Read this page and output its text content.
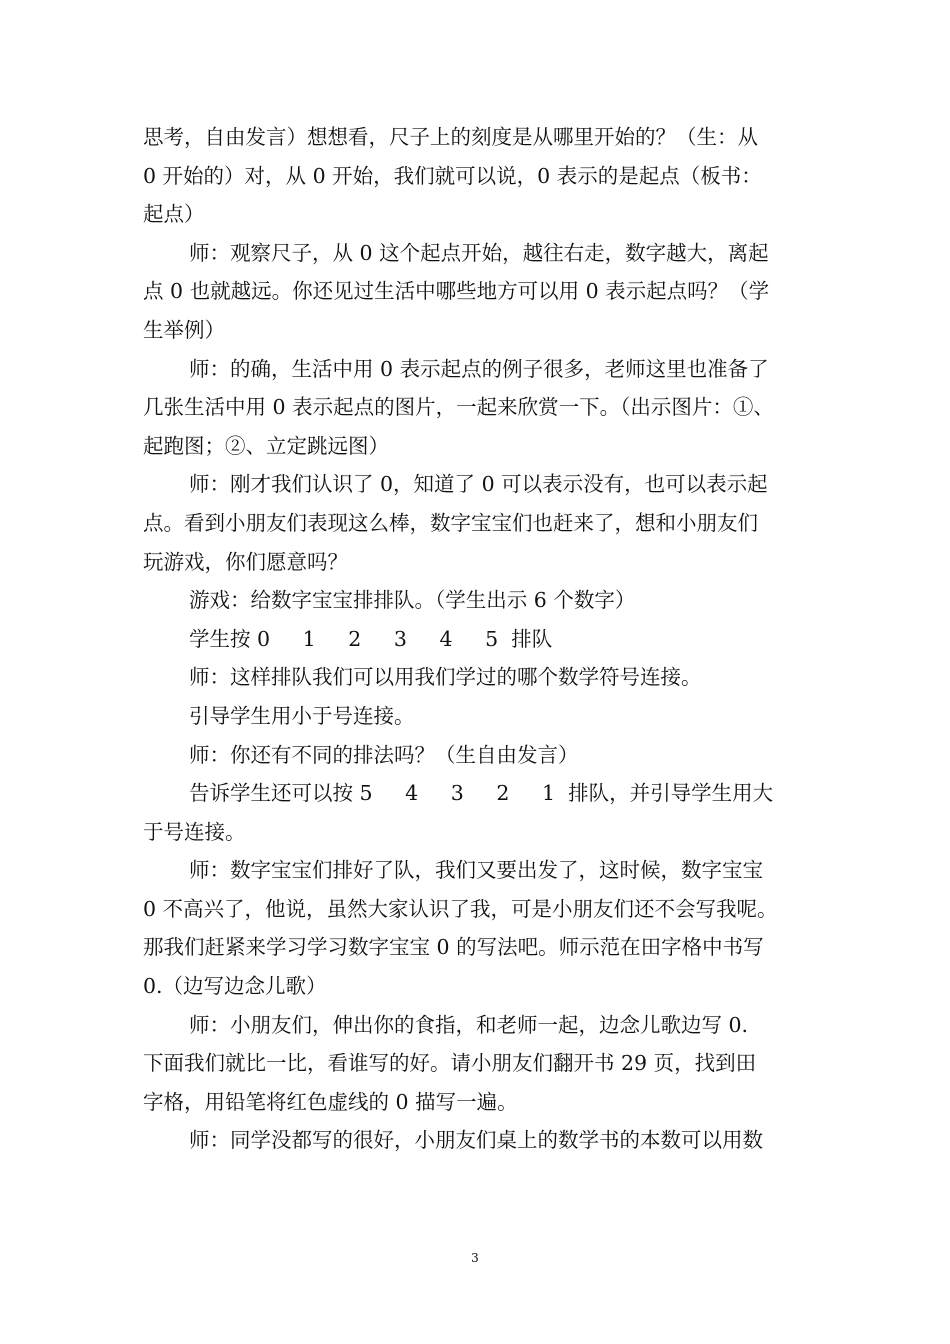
思考，自由发言）想想看，尺子上的刻度是从哪里开始的？（生：从
0 开始的）对，从 0 开始，我们就可以说，0 表示的是起点（板书：
起点）
师：观察尺子，从 0 这个起点开始，越往右走，数字越大，离起
点 0 也就越远。你还见过生活中哪些地方可以用 0 表示起点吗？（学
生举例）
师：的确，生活中用 0 表示起点的例子很多，老师这里也准备了
几张生活中用 0 表示起点的图片，一起来欣赏一下。（出示图片：①、
起跑图；②、立定跳远图）
师：刚才我们认识了 0，知道了 0 可以表示没有，也可以表示起
点。看到小朋友们表现这么棒，数字宝宝们也赶来了，想和小朋友们
玩游戏，你们愿意吗？
游戏：给数字宝宝排排队。（学生出示 6 个数字）
学生按 0     1     2     3     4     5  排队
师：这样排队我们可以用我们学过的哪个数学符号连接。
引导学生用小于号连接。
师：你还有不同的排法吗？（生自由发言）
告诉学生还可以按 5     4     3     2     1  排队，并引导学生用大
于号连接。
师：数字宝宝们排好了队，我们又要出发了，这时候，数字宝宝
0 不高兴了，他说，虽然大家认识了我，可是小朋友们还不会写我呢。
那我们赶紧来学习学习数字宝宝 0 的写法吧。师示范在田字格中书写
0.（边写边念儿歌）
师：小朋友们，伸出你的食指，和老师一起，边念儿歌边写 0.
下面我们就比一比，看谁写的好。请小朋友们翻开书 29 页，找到田
字格，用铅笔将红色虚线的 0 描写一遍。
师：同学没都写的很好，小朋友们桌上的数学书的本数可以用数
3
